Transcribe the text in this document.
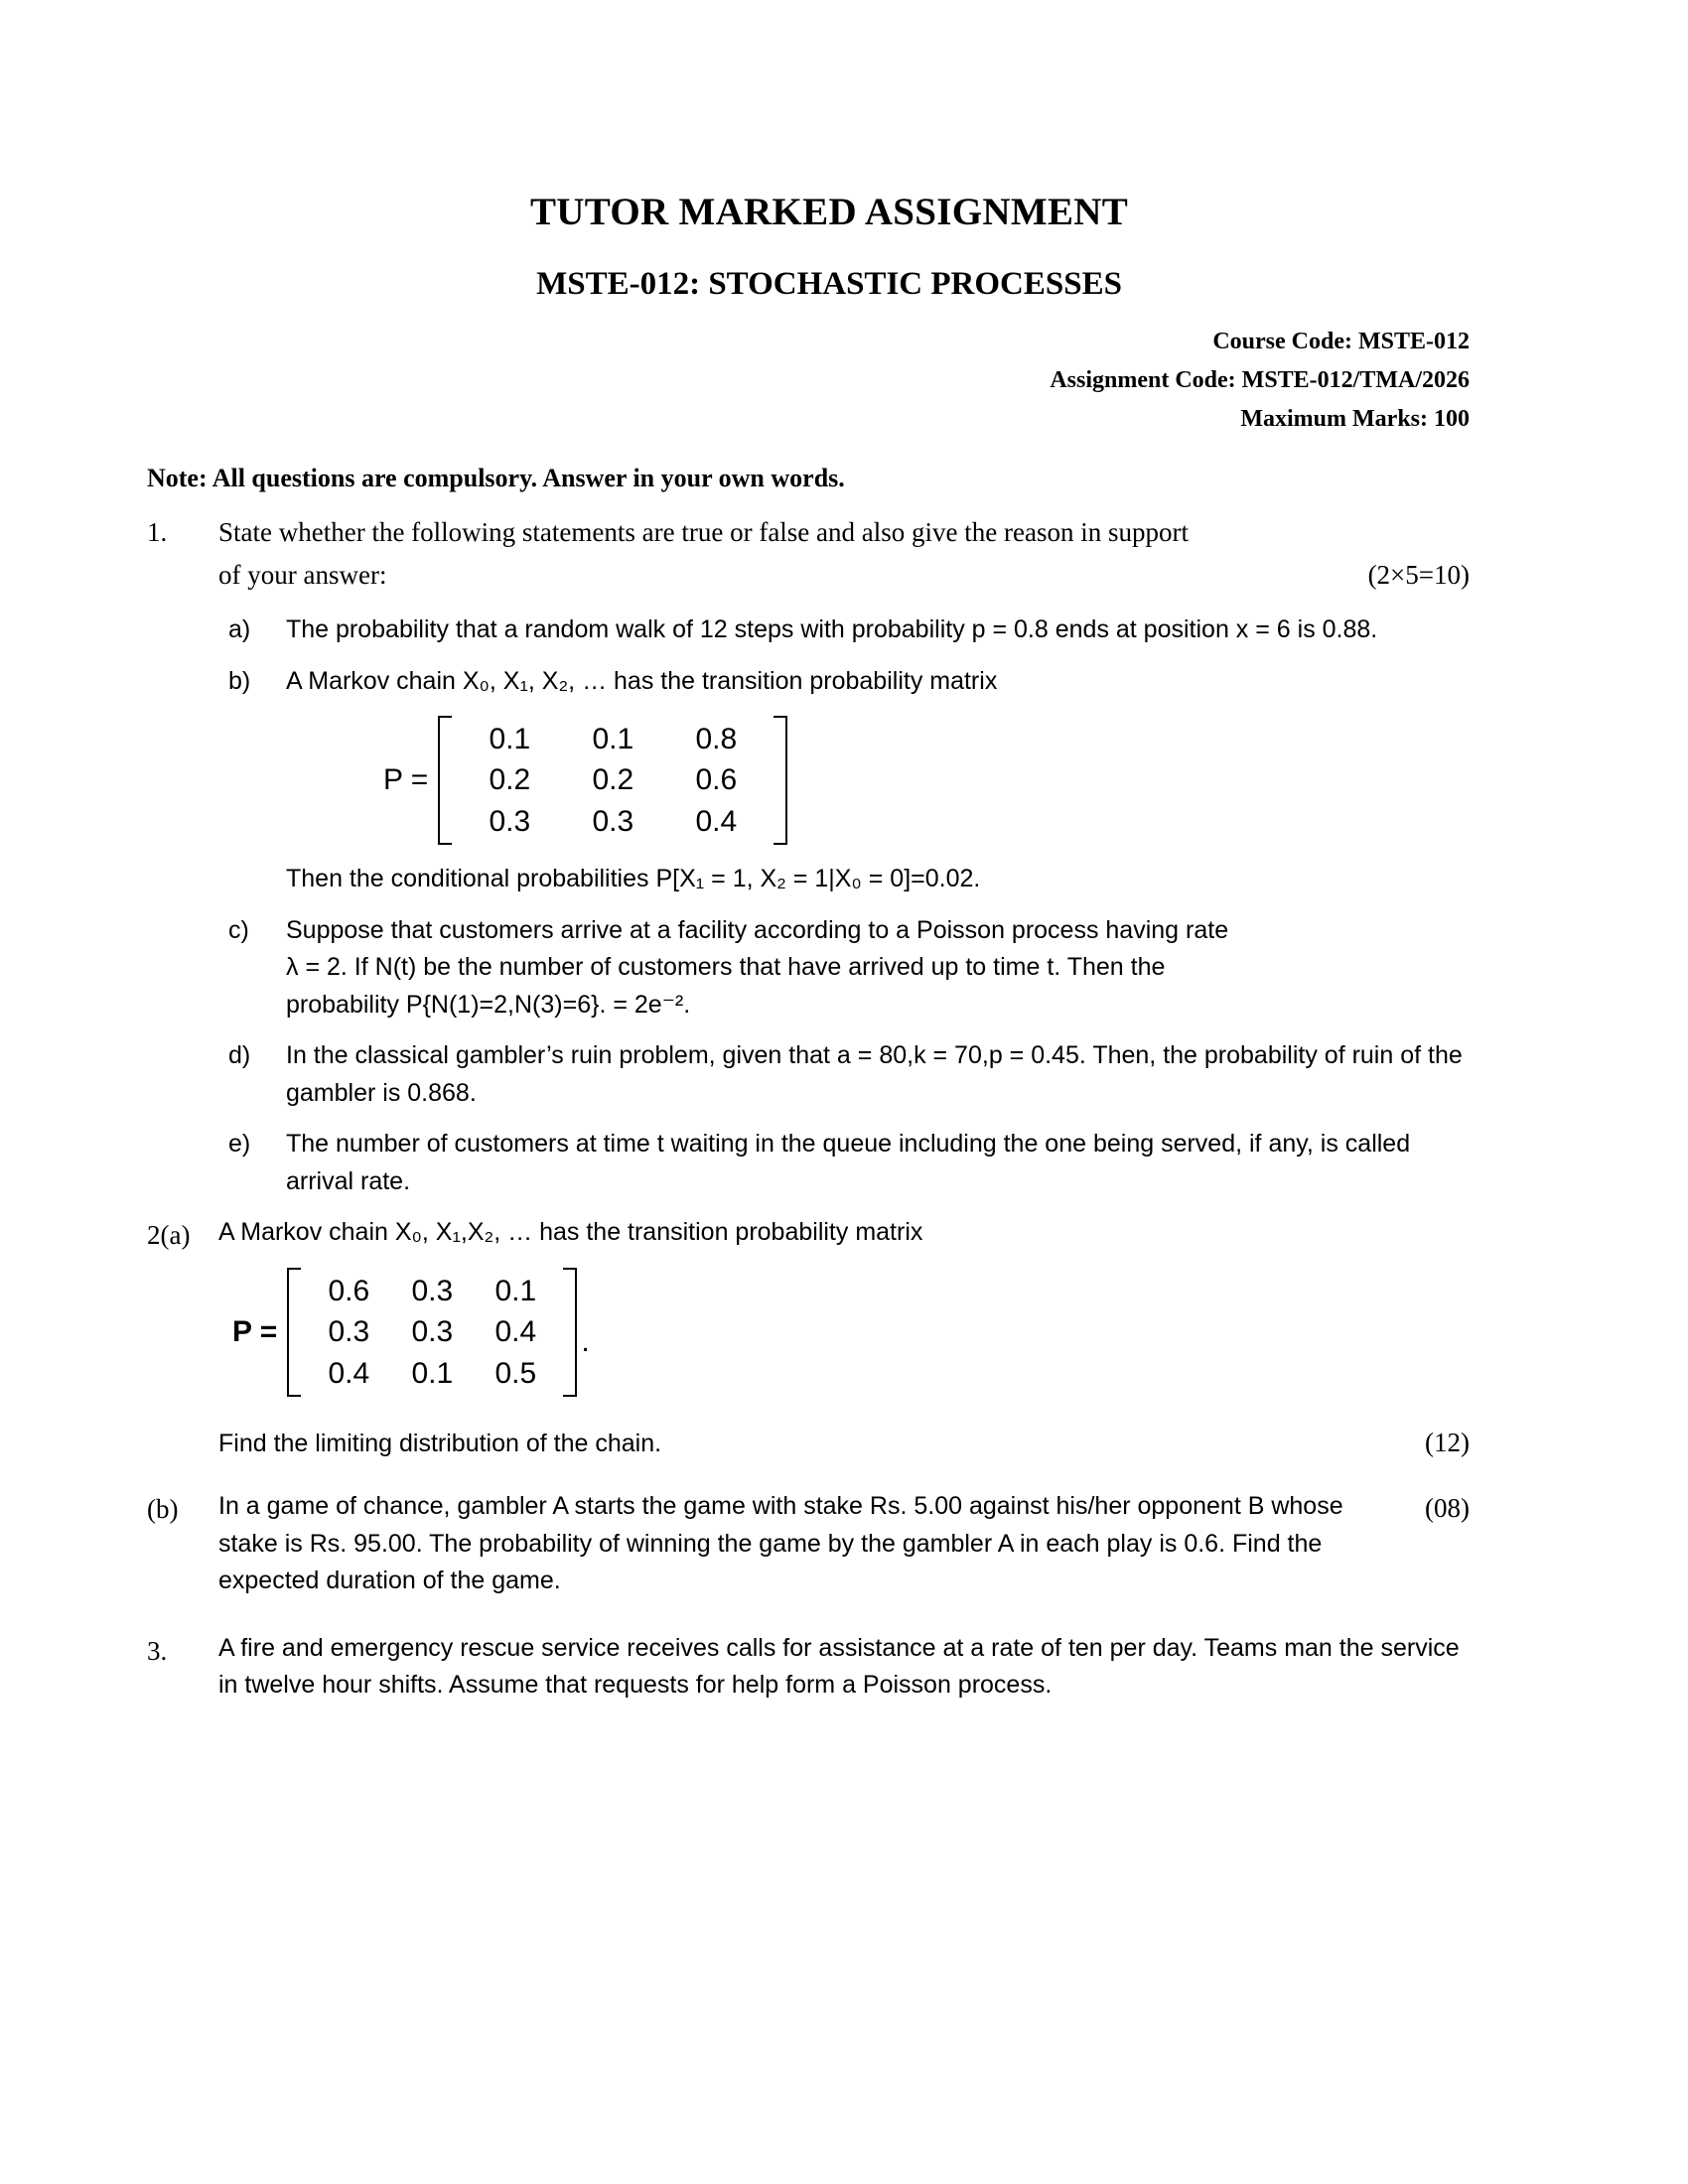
TUTOR MARKED ASSIGNMENT
MSTE-012: STOCHASTIC PROCESSES
Course Code: MSTE-012
Assignment Code: MSTE-012/TMA/2026
Maximum Marks: 100
Note: All questions are compulsory. Answer in your own words.
1.	State whether the following statements are true or false and also give the reason in support
of your answer:	(2×5=10)
a)	The probability that a random walk of 12 steps with probability p = 0.8 ends at position x = 6 is 0.88.
b)	A Markov chain X₀, X₁, X₂, … has the transition probability matrix
P =
0.1	0.1	0.8
0.2	0.2	0.6
0.3	0.3	0.4
Then the conditional probabilities P[X₁ = 1, X₂ = 1|X₀ = 0]=0.02.
c)	Suppose that customers arrive at a facility according to a Poisson process having rate
λ = 2. If N(t) be the number of customers that have arrived up to time t. Then the
probability P{N(1)=2,N(3)=6}. = 2e⁻².
d)	In the classical gambler’s ruin problem, given that a = 80,k = 70,p = 0.45. Then, the probability of ruin of the gambler is 0.868.
e)	The number of customers at time t waiting in the queue including the one being served, if any, is called arrival rate.
2(a)	A Markov chain X₀, X₁,X₂, … has the transition probability matrix
P =
0.6	0.3	0.1
0.3	0.3	0.4
0.4	0.1	0.5
.
Find the limiting distribution of the chain.	(12)
(b)	(08)
In a game of chance, gambler A starts the game with stake Rs. 5.00 against his/her opponent B whose stake is Rs. 95.00. The probability of winning the game by the gambler A in each play is 0.6. Find the expected duration of the game.
3.	A fire and emergency rescue service receives calls for assistance at a rate of ten per day. Teams man the service in twelve hour shifts. Assume that requests for help form a Poisson process.
